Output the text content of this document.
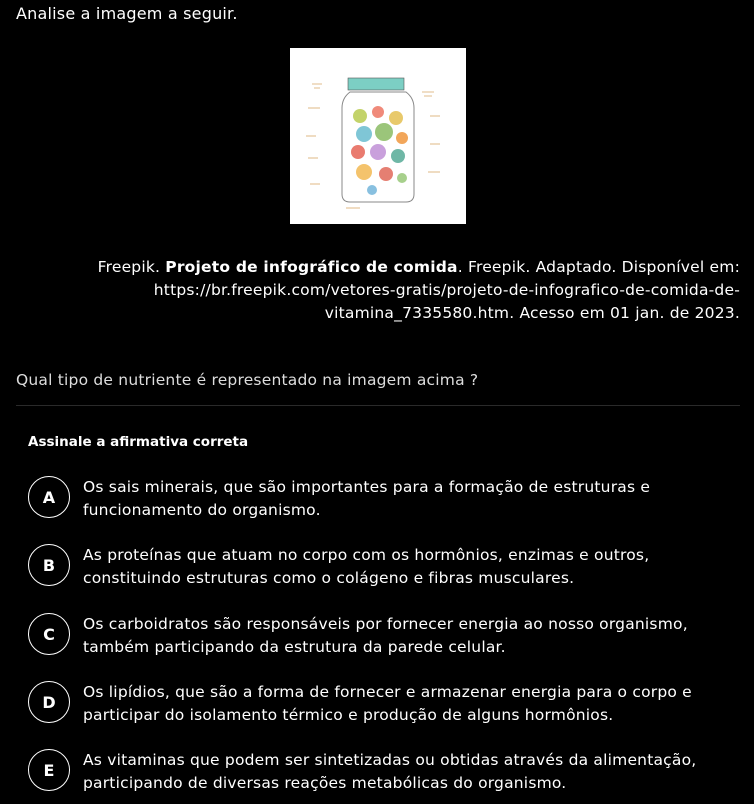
Analise a imagem a seguir.
Freepik. Projeto de infográfico de comida. Freepik. Adaptado. Disponível em: https://br.freepik.com/vetores-gratis/projeto-de-infografico-de-comida-de-vitamina_7335580.htm. Acesso em 01 jan. de 2023.
Qual tipo de nutriente é representado na imagem acima ?
Assinale a afirmativa correta
A
Os sais minerais, que são importantes para a formação de estruturas e funcionamento do organismo.
B
As proteínas que atuam no corpo com os hormônios, enzimas e outros, constituindo estruturas como o colágeno e fibras musculares.
C
Os carboidratos são responsáveis por fornecer energia ao nosso organismo, também participando da estrutura da parede celular.
D
Os lipídios, que são a forma de fornecer e armazenar energia para o corpo e participar do isolamento térmico e produção de alguns hormônios.
E
As vitaminas que podem ser sintetizadas ou obtidas através da alimentação, participando de diversas reações metabólicas do organismo.
